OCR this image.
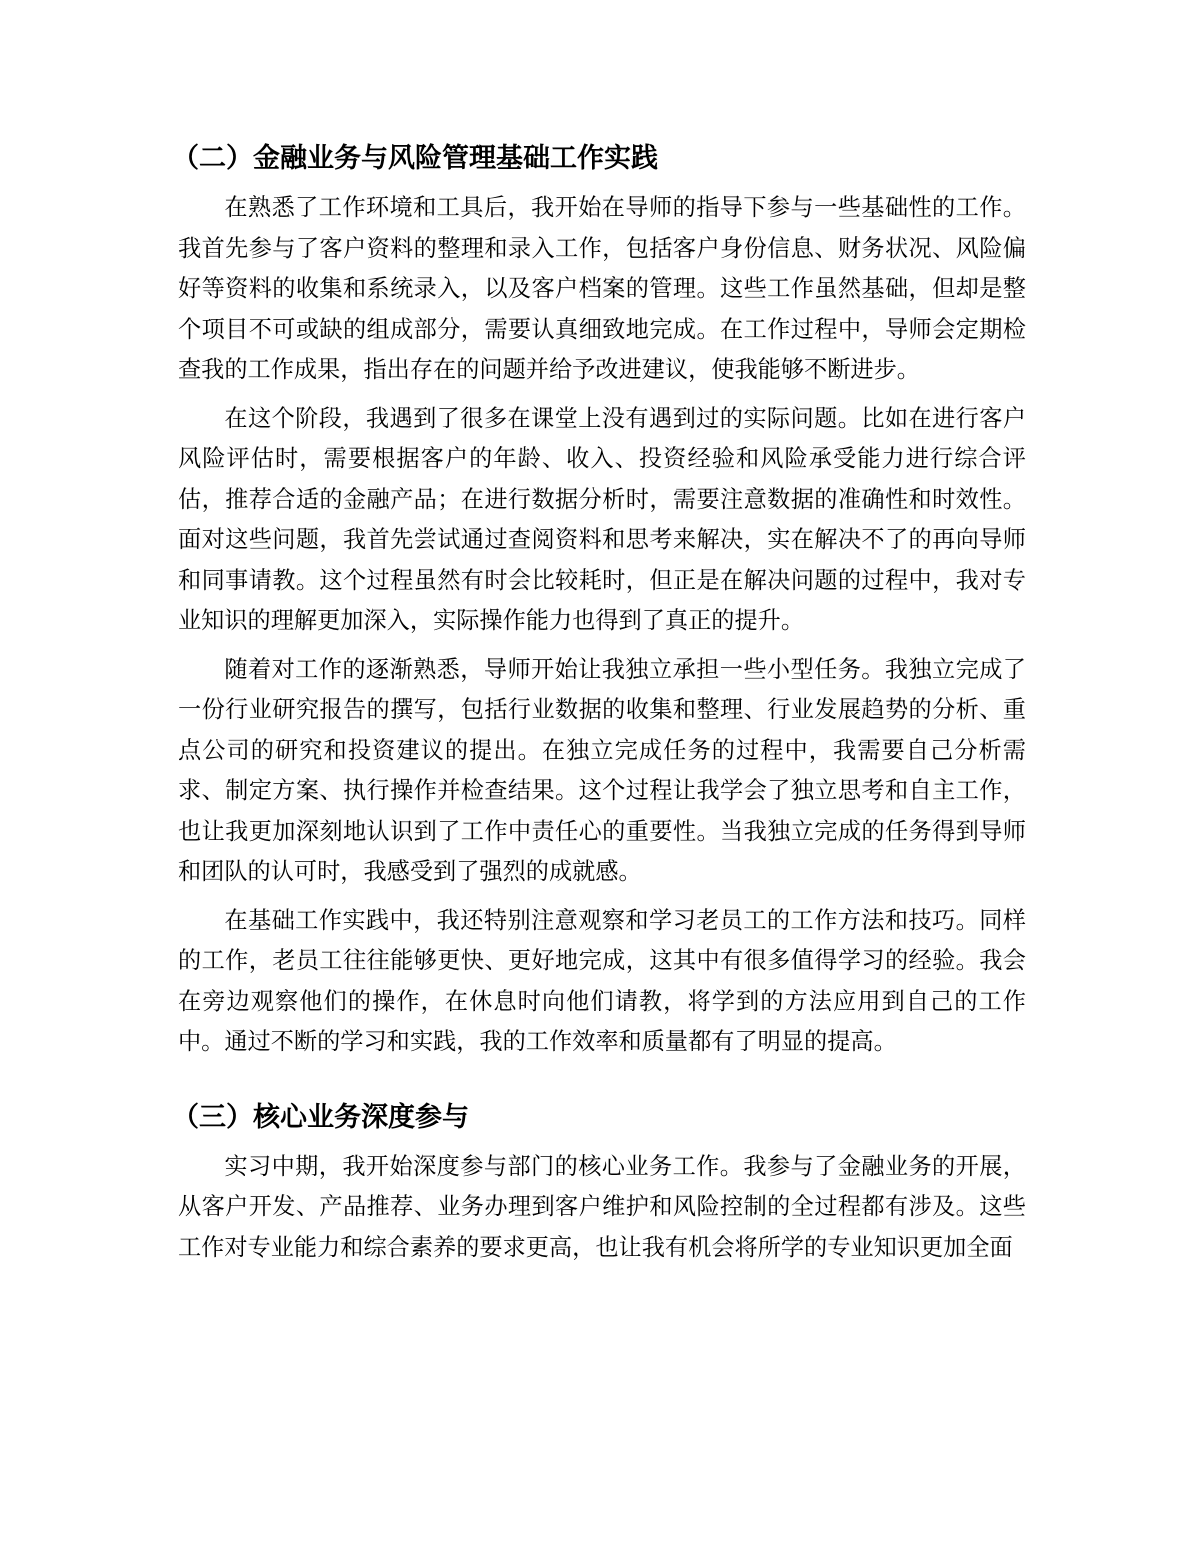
（二）金融业务与风险管理基础工作实践

在熟悉了工作环境和工具后，我开始在导师的指导下参与一些基础性的工作。我首先参与了客户资料的整理和录入工作，包括客户身份信息、财务状况、风险偏好等资料的收集和系统录入，以及客户档案的管理。这些工作虽然基础，但却是整个项目不可或缺的组成部分，需要认真细致地完成。在工作过程中，导师会定期检查我的工作成果，指出存在的问题并给予改进建议，使我能够不断进步。

在这个阶段，我遇到了很多在课堂上没有遇到过的实际问题。比如在进行客户风险评估时，需要根据客户的年龄、收入、投资经验和风险承受能力进行综合评估，推荐合适的金融产品；在进行数据分析时，需要注意数据的准确性和时效性。面对这些问题，我首先尝试通过查阅资料和思考来解决，实在解决不了的再向导师和同事请教。这个过程虽然有时会比较耗时，但正是在解决问题的过程中，我对专业知识的理解更加深入，实际操作能力也得到了真正的提升。

随着对工作的逐渐熟悉，导师开始让我独立承担一些小型任务。我独立完成了一份行业研究报告的撰写，包括行业数据的收集和整理、行业发展趋势的分析、重点公司的研究和投资建议的提出。在独立完成任务的过程中，我需要自己分析需求、制定方案、执行操作并检查结果。这个过程让我学会了独立思考和自主工作，也让我更加深刻地认识到了工作中责任心的重要性。当我独立完成的任务得到导师和团队的认可时，我感受到了强烈的成就感。

在基础工作实践中，我还特别注意观察和学习老员工的工作方法和技巧。同样的工作，老员工往往能够更快、更好地完成，这其中有很多值得学习的经验。我会在旁边观察他们的操作，在休息时向他们请教，将学到的方法应用到自己的工作中。通过不断的学习和实践，我的工作效率和质量都有了明显的提高。

（三）核心业务深度参与

实习中期，我开始深度参与部门的核心业务工作。我参与了金融业务的开展，从客户开发、产品推荐、业务办理到客户维护和风险控制的全过程都有涉及。这些工作对专业能力和综合素养的要求更高，也让我有机会将所学的专业知识更加全面
